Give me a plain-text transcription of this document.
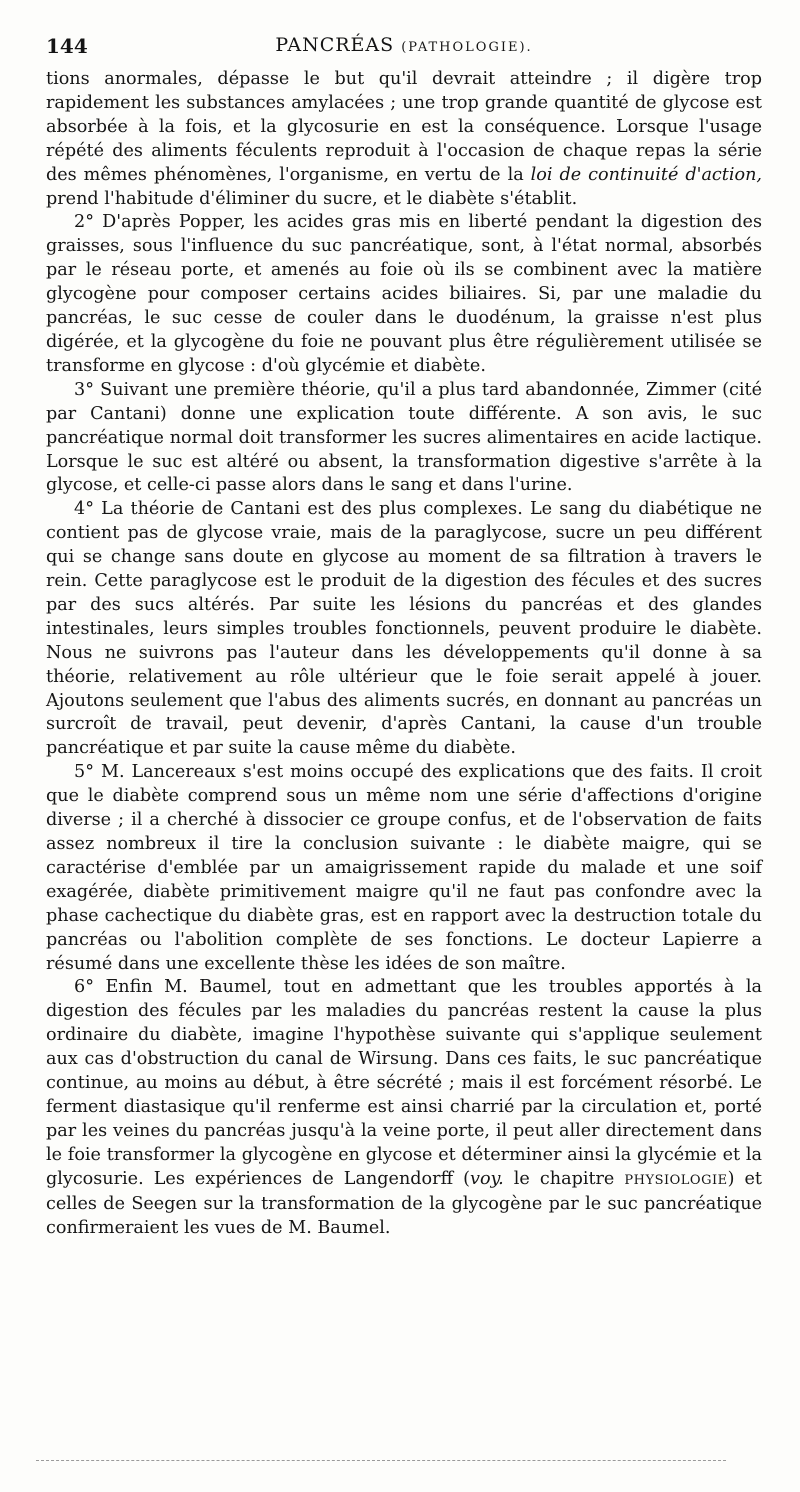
144	PANCRÉAS (PATHOLOGIE).

tions anormales, dépasse le but qu'il devrait atteindre ; il digère trop rapidement les substances amylacées ; une trop grande quantité de glycose est absorbée à la fois, et la glycosurie en est la conséquence. Lorsque l'usage répété des aliments féculents reproduit à l'occasion de chaque repas la série des mêmes phénomènes, l'organisme, en vertu de la loi de continuité d'action, prend l'habitude d'éliminer du sucre, et le diabète s'établit.

2° D'après Popper, les acides gras mis en liberté pendant la digestion des graisses, sous l'influence du suc pancréatique, sont, à l'état normal, absorbés par le réseau porte, et amenés au foie où ils se combinent avec la matière glycogène pour composer certains acides biliaires. Si, par une maladie du pancréas, le suc cesse de couler dans le duodénum, la graisse n'est plus digérée, et la glycogène du foie ne pouvant plus être régulièrement utilisée se transforme en glycose : d'où glycémie et diabète.

3° Suivant une première théorie, qu'il a plus tard abandonnée, Zimmer (cité par Cantani) donne une explication toute différente. A son avis, le suc pancréatique normal doit transformer les sucres alimentaires en acide lactique. Lorsque le suc est altéré ou absent, la transformation digestive s'arrête à la glycose, et celle-ci passe alors dans le sang et dans l'urine.

4° La théorie de Cantani est des plus complexes. Le sang du diabétique ne contient pas de glycose vraie, mais de la paraglycose, sucre un peu différent qui se change sans doute en glycose au moment de sa filtration à travers le rein. Cette paraglycose est le produit de la digestion des fécules et des sucres par des sucs altérés. Par suite les lésions du pancréas et des glandes intestinales, leurs simples troubles fonctionnels, peuvent produire le diabète. Nous ne suivrons pas l'auteur dans les développements qu'il donne à sa théorie, relativement au rôle ultérieur que le foie serait appelé à jouer. Ajoutons seulement que l'abus des aliments sucrés, en donnant au pancréas un surcroît de travail, peut devenir, d'après Cantani, la cause d'un trouble pancréatique et par suite la cause même du diabète.

5° M. Lancereaux s'est moins occupé des explications que des faits. Il croit que le diabète comprend sous un même nom une série d'affections d'origine diverse ; il a cherché à dissocier ce groupe confus, et de l'observation de faits assez nombreux il tire la conclusion suivante : le diabète maigre, qui se caractérise d'emblée par un amaigrissement rapide du malade et une soif exagérée, diabète primitivement maigre qu'il ne faut pas confondre avec la phase cachectique du diabète gras, est en rapport avec la destruction totale du pancréas ou l'abolition complète de ses fonctions. Le docteur Lapierre a résumé dans une excellente thèse les idées de son maître.

6° Enfin M. Baumel, tout en admettant que les troubles apportés à la digestion des fécules par les maladies du pancréas restent la cause la plus ordinaire du diabète, imagine l'hypothèse suivante qui s'applique seulement aux cas d'obstruction du canal de Wirsung. Dans ces faits, le suc pancréatique continue, au moins au début, à être sécrété ; mais il est forcément résorbé. Le ferment diastasique qu'il renferme est ainsi charrié par la circulation et, porté par les veines du pancréas jusqu'à la veine porte, il peut aller directement dans le foie transformer la glycogène en glycose et déterminer ainsi la glycémie et la glycosurie. Les expériences de Langendorff (voy. le chapitre PHYSIOLOGIE) et celles de Seegen sur la transformation de la glycogène par le suc pancréatique confirmeraient les vues de M. Baumel.
